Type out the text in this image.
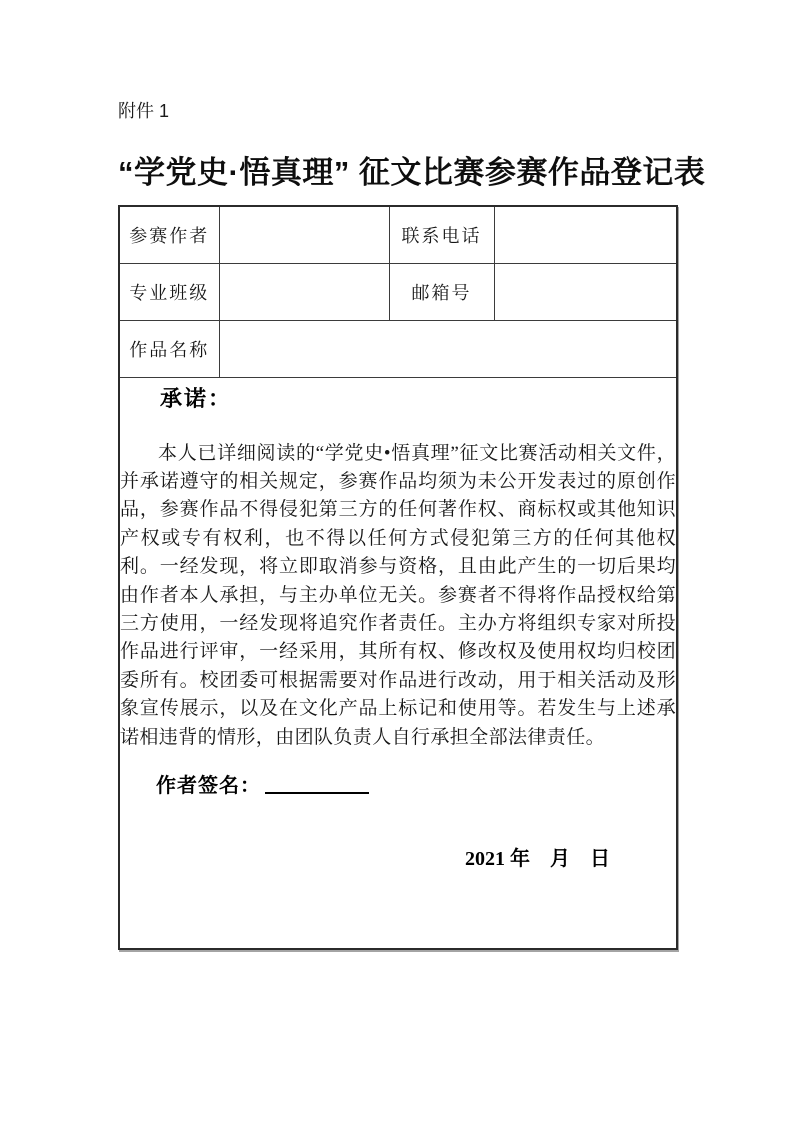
附件 1
“学党史·悟真理” 征文比赛参赛作品登记表
参赛作者		联系电话	
专业班级		邮箱号	
作品名称			

承诺：
本人已详细阅读的“学党史•悟真理”征文比赛活动相关文件，并承诺遵守的相关规定，参赛作品均须为未公开发表过的原创作品，参赛作品不得侵犯第三方的任何著作权、商标权或其他知识产权或专有权利，也不得以任何方式侵犯第三方的任何其他权利。一经发现，将立即取消参与资格，且由此产生的一切后果均由作者本人承担，与主办单位无关。参赛者不得将作品授权给第三方使用，一经发现将追究作者责任。主办方将组织专家对所投作品进行评审，一经采用，其所有权、修改权及使用权均归校团委所有。校团委可根据需要对作品进行改动，用于相关活动及形象宣传展示，以及在文化产品上标记和使用等。若发生与上述承诺相违背的情形，由团队负责人自行承担全部法律责任。
作者签名：
2021 年　月　日			
